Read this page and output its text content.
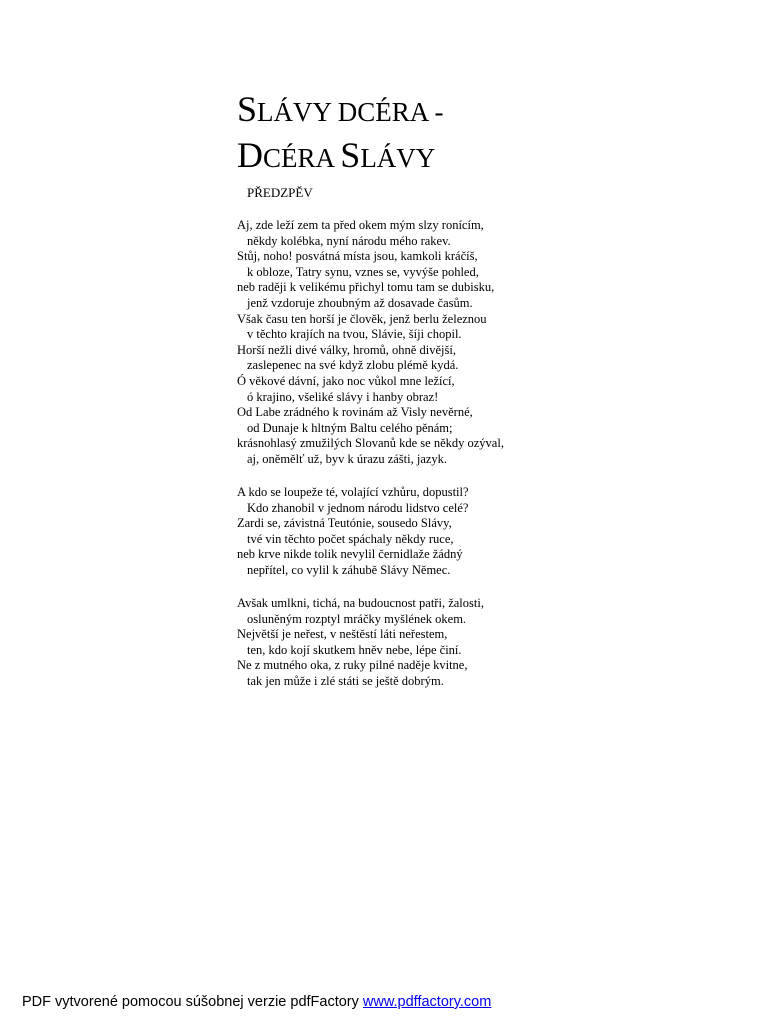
SLÁVY DCÉRA -
DCÉRA SLÁVY
PŘEDZPĚV
Aj, zde leží zem ta před okem mým slzy ronícím,
někdy kolébka, nyní národu mého rakev.
Stůj, noho! posvátná místa jsou, kamkoli kráčíš,
k obloze, Tatry synu, vznes se, vyvýše pohled,
neb raději k velikému přichyl tomu tam se dubisku,
jenž vzdoruje zhoubným až dosavade časům.
Však času ten horší je člověk, jenž berlu železnou
v těchto krajích na tvou, Slávie, šíji chopil.
Horší nežli divé války, hromů, ohně divější,
zaslepenec na své když zlobu plémě kydá.
Ó věkové dávní, jako noc vůkol mne ležící,
ó krajino, všeliké slávy i hanby obraz!
Od Labe zrádného k rovinám až Visly nevěrné,
od Dunaje k hltným Baltu celého pěnám;
krásnohlasý zmužilých Slovanů kde se někdy ozýval,
aj, oněmělť už, byv k úrazu zášti, jazyk.
A kdo se loupeže té, volající vzhůru, dopustil?
Kdo zhanobil v jednom národu lidstvo celé?
Zardi se, závistná Teutónie, sousedo Slávy,
tvé vin těchto počet spáchaly někdy ruce,
neb krve nikde tolik nevylil černidlaže žádný
nepřítel, co vylil k záhubě Slávy Němec.
Avšak umlkni, tichá, na budoucnost patři, žalosti,
osluněným rozptyl mráčky myšlének okem.
Největší je neřest, v neštěstí láti neřestem,
ten, kdo kojí skutkem hněv nebe, lépe činí.
Ne z mutného oka, z ruky pilné naděje kvitne,
tak jen může i zlé státi se ještě dobrým.
PDF vytvorené pomocou súšobnej verzie pdfFactory www.pdffactory.com
